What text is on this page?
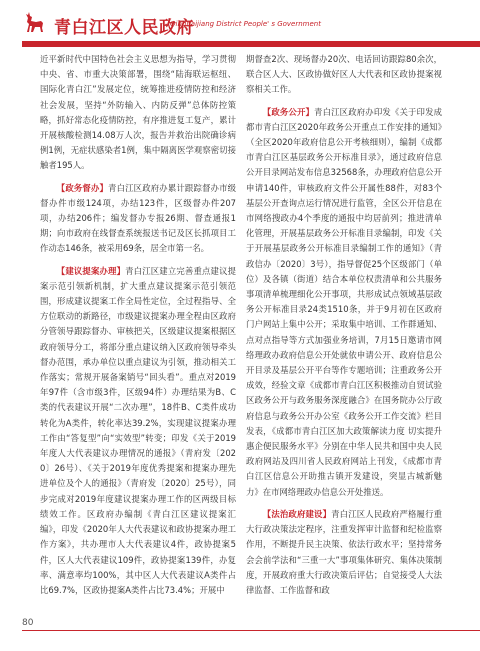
青白江区人民政府
Qingbaijiang District People' s Government

近平新时代中国特色社会主义思想为指导，学习贯彻中央、省、市重大决策部署，围绕“陆海联运枢纽、国际化青白江”发展定位，统筹推进疫情防控和经济社会发展，坚持“外防输入、内防反弹”总体防控策略，抓好常态化疫情防控，有序推进复工复产，累计开展核酸检测14.08万人次，报告并救治出院确诊病例1例，无症状感染者1例，集中隔离医学观察密切接触者195人。

【政务督办】青白江区政府办累计跟踪督办市级督办件市级124项，办结123件，区级督办件207项，办结206件；编发督办专报26期、督查通报1期；向市政府在线督查系统报送书记及区长抓项目工作动态146条，被采用69条，居全市第一名。

【建议提案办理】青白江区建立完善重点建议提案示范引领新机制，扩大重点建议提案示范引领范围，形成建议提案工作全局性定位，全过程指导、全方位联动的新路径，市级建议提案办理全程由区政府分管领导跟踪督办、审核把关，区级建议提案根据区政府领导分工，将部分重点建议纳入区政府领导牵头督办范围，承办单位以重点建议为引领，推动相关工作落实；常规开展备案销号“回头看”。重点对2019年97件（含市级3件，区级94件）办理结果为B、C类的代表建议开展“二次办理”，18件B、C类件成功转化为A类件，转化率达39.2%，实现建议提案办理工作由“答复型”向“实效型”转变；印发《关于2019年度人大代表建议办理情况的通报》（青府发〔2020〕26号）、《关于2019年度优秀提案和提案办理先进单位及个人的通报》（青府发〔2020〕25号），同步完成对2019年度建议提案办理工作的区两级目标绩效工作。区政府办编制《青白江区建议提案汇编》，印发《2020年人大代表建议和政协提案办理工作方案》，共办理市人大代表建议4件，政协提案5件，区人大代表建议109件，政协提案139件，办复率、满意率均100%，其中区人大代表建议A类件占比69.7%，区政协提案A类件占比73.4%；开展中

期督查2次、现场督办20次、电话回访跟踪80余次，联合区人大、区政协做好区人大代表和区政协提案视察相关工作。

【政务公开】青白江区政府办印发《关于印发成都市青白江区2020年政务公开重点工作安排的通知》（全区2020年政府信息公开考核细则），编制《成都市青白江区基层政务公开标准目录》，通过政府信息公开目录网站发布信息32568条，办理政府信息公开申请140件，审核政府文件公开属性88件，对83个基层公开查询点运行情况进行监管，全区公开信息在市网络搜政办4个季度的通报中均居前列；推进清单化管理，开展基层政务公开标准目录编制，印发《关于开展基层政务公开标准目录编制工作的通知》（青政信办〔2020〕3号），指导督促25个区级部门（单位）及各镇（街道）结合本单位权责清单和公共服务事项清单梳理细化公开事项，共形成试点领域基层政务公开标准目录24类1510条，并于9月初在区政府门户网站上集中公开；采取集中培训、工作群通知、点对点指导等方式加强业务培训，7月15日邀请市网络理政办政府信息公开处就依申请公开、政府信息公开目录及基层公开平台等作专题培训；注重政务公开成效，经验文章《成都市青白江区积极推动自贸试验区政务公开与政务服务深度融合》在国务院办公厅政府信息与政务公开办公室《政务公开工作交流》栏目发表，《成都市青白江区加大政策解读力度 切实提升惠企便民服务水平》分别在中华人民共和国中央人民政府网站及四川省人民政府网站上刊发，《成都市青白江区信息公开助推古镇开发建设，突显古城新魅力》在市网络理政办信息公开处推送。

【法治政府建设】青白江区人民政府严格履行重大行政决策法定程序，注重发挥审计监督和纪检监察作用，不断提升民主决策、依法行政水平；坚持常务会会前学法和“三重一大”事项集体研究、集体决策制度，开展政府重大行政决策后评估；自觉接受人大法律监督、工作监督和政

80
